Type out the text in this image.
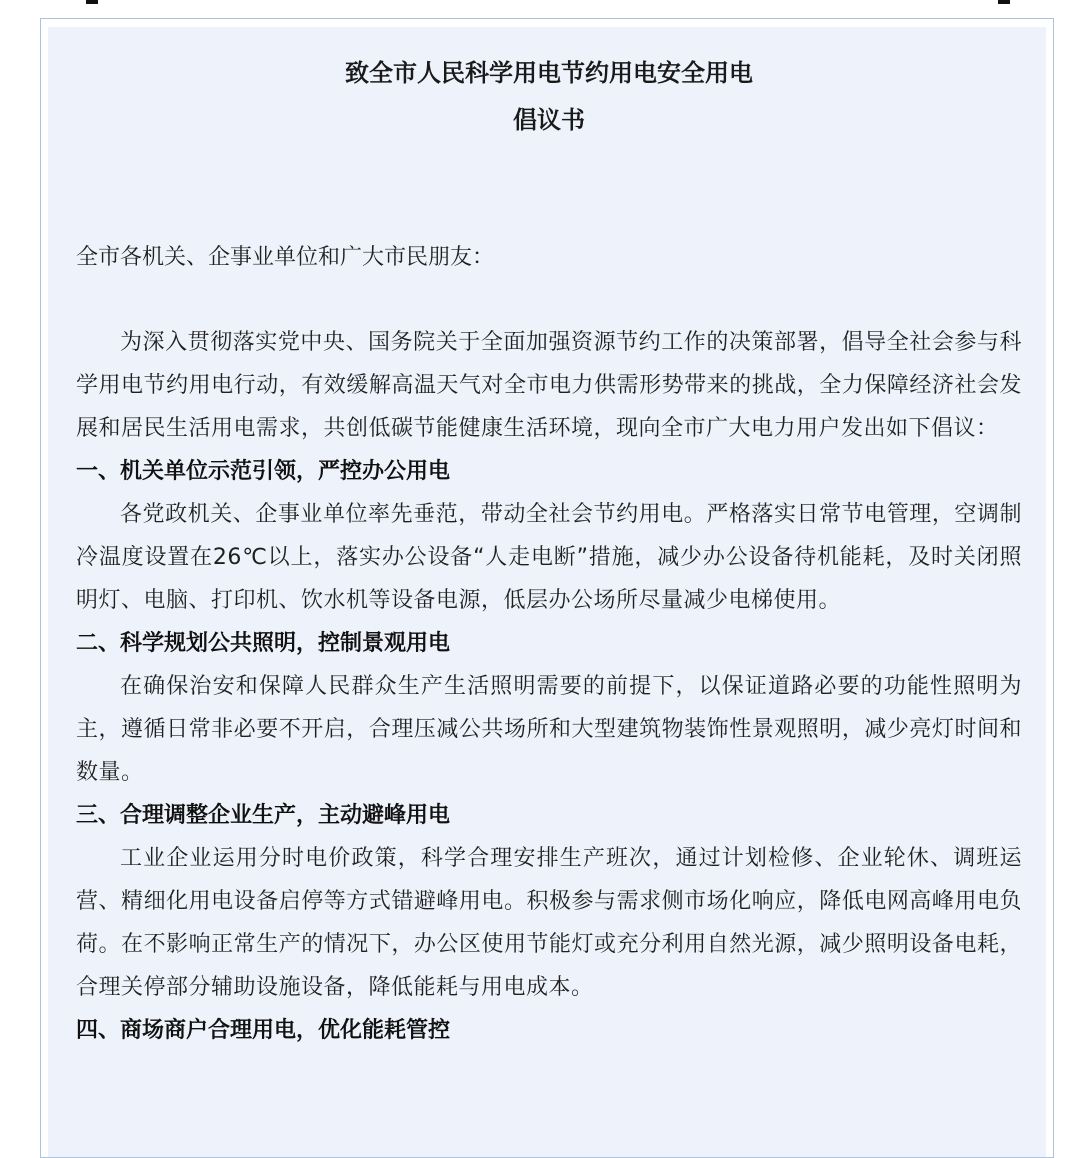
致全市人民科学用电节约用电安全用电
倡议书

全市各机关、企事业单位和广大市民朋友：

为深入贯彻落实党中央、国务院关于全面加强资源节约工作的决策部署，倡导全社会参与科学用电节约用电行动，有效缓解高温天气对全市电力供需形势带来的挑战，全力保障经济社会发展和居民生活用电需求，共创低碳节能健康生活环境，现向全市广大电力用户发出如下倡议：

一、机关单位示范引领，严控办公用电

各党政机关、企事业单位率先垂范，带动全社会节约用电。严格落实日常节电管理，空调制冷温度设置在26℃以上，落实办公设备“人走电断”措施，减少办公设备待机能耗，及时关闭照明灯、电脑、打印机、饮水机等设备电源，低层办公场所尽量减少电梯使用。

二、科学规划公共照明，控制景观用电

在确保治安和保障人民群众生产生活照明需要的前提下，以保证道路必要的功能性照明为主，遵循日常非必要不开启，合理压减公共场所和大型建筑物装饰性景观照明，减少亮灯时间和数量。

三、合理调整企业生产，主动避峰用电

工业企业运用分时电价政策，科学合理安排生产班次，通过计划检修、企业轮休、调班运营、精细化用电设备启停等方式错避峰用电。积极参与需求侧市场化响应，降低电网高峰用电负荷。在不影响正常生产的情况下，办公区使用节能灯或充分利用自然光源，减少照明设备电耗，合理关停部分辅助设施设备，降低能耗与用电成本。

四、商场商户合理用电，优化能耗管控
